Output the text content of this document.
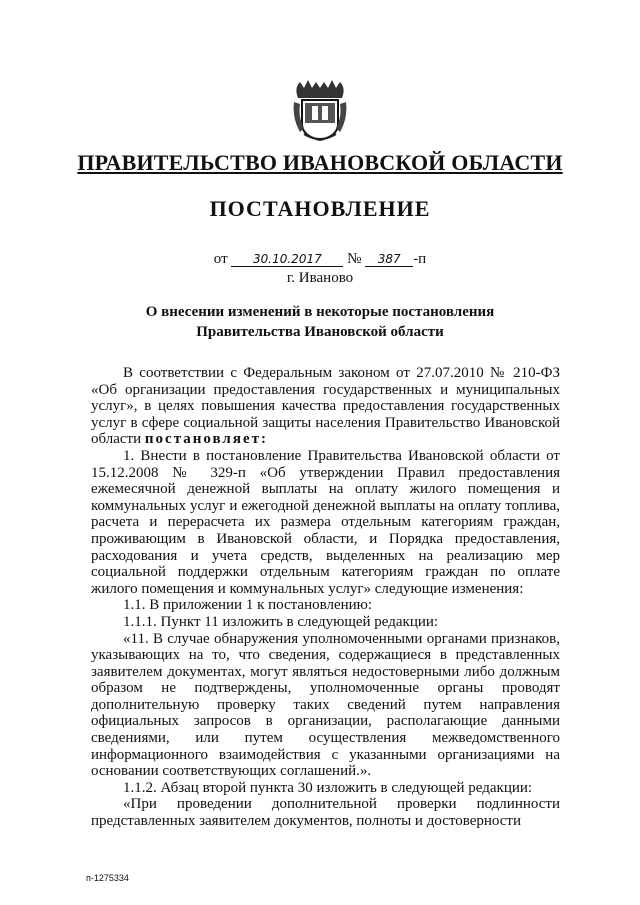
ПРАВИТЕЛЬСТВО ИВАНОВСКОЙ ОБЛАСТИ
ПОСТАНОВЛЕНИЕ
от 30.10.2017 № 387 -п
г. Иваново
О внесении изменений в некоторые постановления
Правительства Ивановской области

В соответствии с Федеральным законом от 27.07.2010 № 210-ФЗ «Об организации предоставления государственных и муниципальных услуг», в целях повышения качества предоставления государственных услуг в сфере социальной защиты населения Правительство Ивановской области постановляет:

1. Внести в постановление Правительства Ивановской области от 15.12.2008 № 329-п «Об утверждении Правил предоставления ежемесячной денежной выплаты на оплату жилого помещения и коммунальных услуг и ежегодной денежной выплаты на оплату топлива, расчета и перерасчета их размера отдельным категориям граждан, проживающим в Ивановской области, и Порядка предоставления, расходования и учета средств, выделенных на реализацию мер социальной поддержки отдельным категориям граждан по оплате жилого помещения и коммунальных услуг» следующие изменения:

1.1. В приложении 1 к постановлению:

1.1.1. Пункт 11 изложить в следующей редакции:

«11. В случае обнаружения уполномоченными органами признаков, указывающих на то, что сведения, содержащиеся в представленных заявителем документах, могут являться недостоверными либо должным образом не подтверждены, уполномоченные органы проводят дополнительную проверку таких сведений путем направления официальных запросов в организации, располагающие данными сведениями, или путем осуществления межведомственного информационного взаимодействия с указанными организациями на основании соответствующих соглашений.».

1.1.2. Абзац второй пункта 30 изложить в следующей редакции:

«При проведении дополнительной проверки подлинности представленных заявителем документов, полноты и достоверности

п-1275334
